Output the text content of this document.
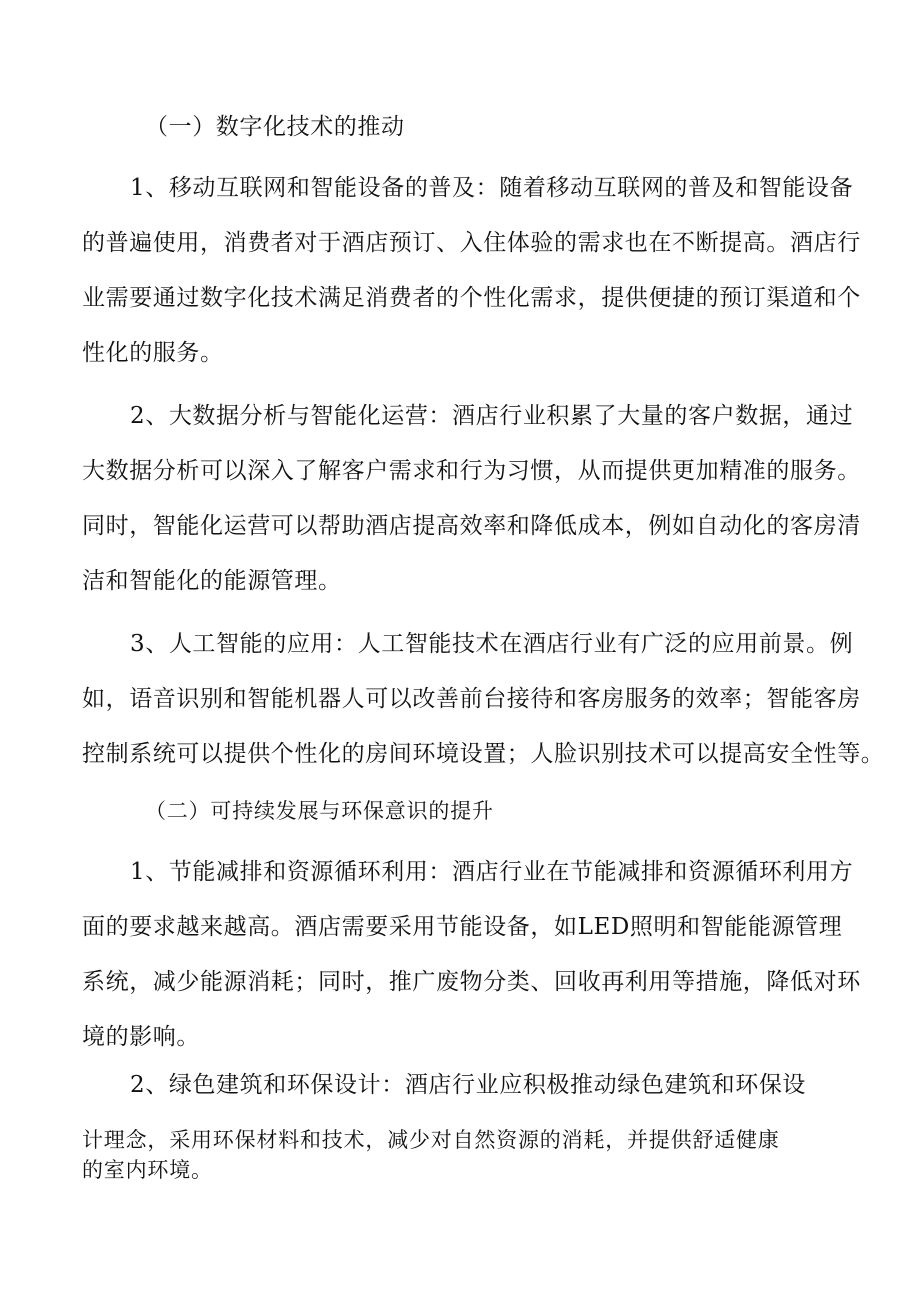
（一）数字化技术的推动
1、移动互联网和智能设备的普及：随着移动互联网的普及和智能设备
的普遍使用，消费者对于酒店预订、入住体验的需求也在不断提高。酒店行
业需要通过数字化技术满足消费者的个性化需求，提供便捷的预订渠道和个
性化的服务。
2、大数据分析与智能化运营：酒店行业积累了大量的客户数据，通过
大数据分析可以深入了解客户需求和行为习惯，从而提供更加精准的服务。
同时，智能化运营可以帮助酒店提高效率和降低成本，例如自动化的客房清
洁和智能化的能源管理。
3、人工智能的应用：人工智能技术在酒店行业有广泛的应用前景。例
如，语音识别和智能机器人可以改善前台接待和客房服务的效率；智能客房
控制系统可以提供个性化的房间环境设置；人脸识别技术可以提高安全性等。
（二）可持续发展与环保意识的提升
1、节能减排和资源循环利用：酒店行业在节能减排和资源循环利用方
面的要求越来越高。酒店需要采用节能设备，如LED照明和智能能源管理
系统，减少能源消耗；同时，推广废物分类、回收再利用等措施，降低对环
境的影响。
2、绿色建筑和环保设计：酒店行业应积极推动绿色建筑和环保设
计理念，采用环保材料和技术，减少对自然资源的消耗，并提供舒适健康
的室内环境。
